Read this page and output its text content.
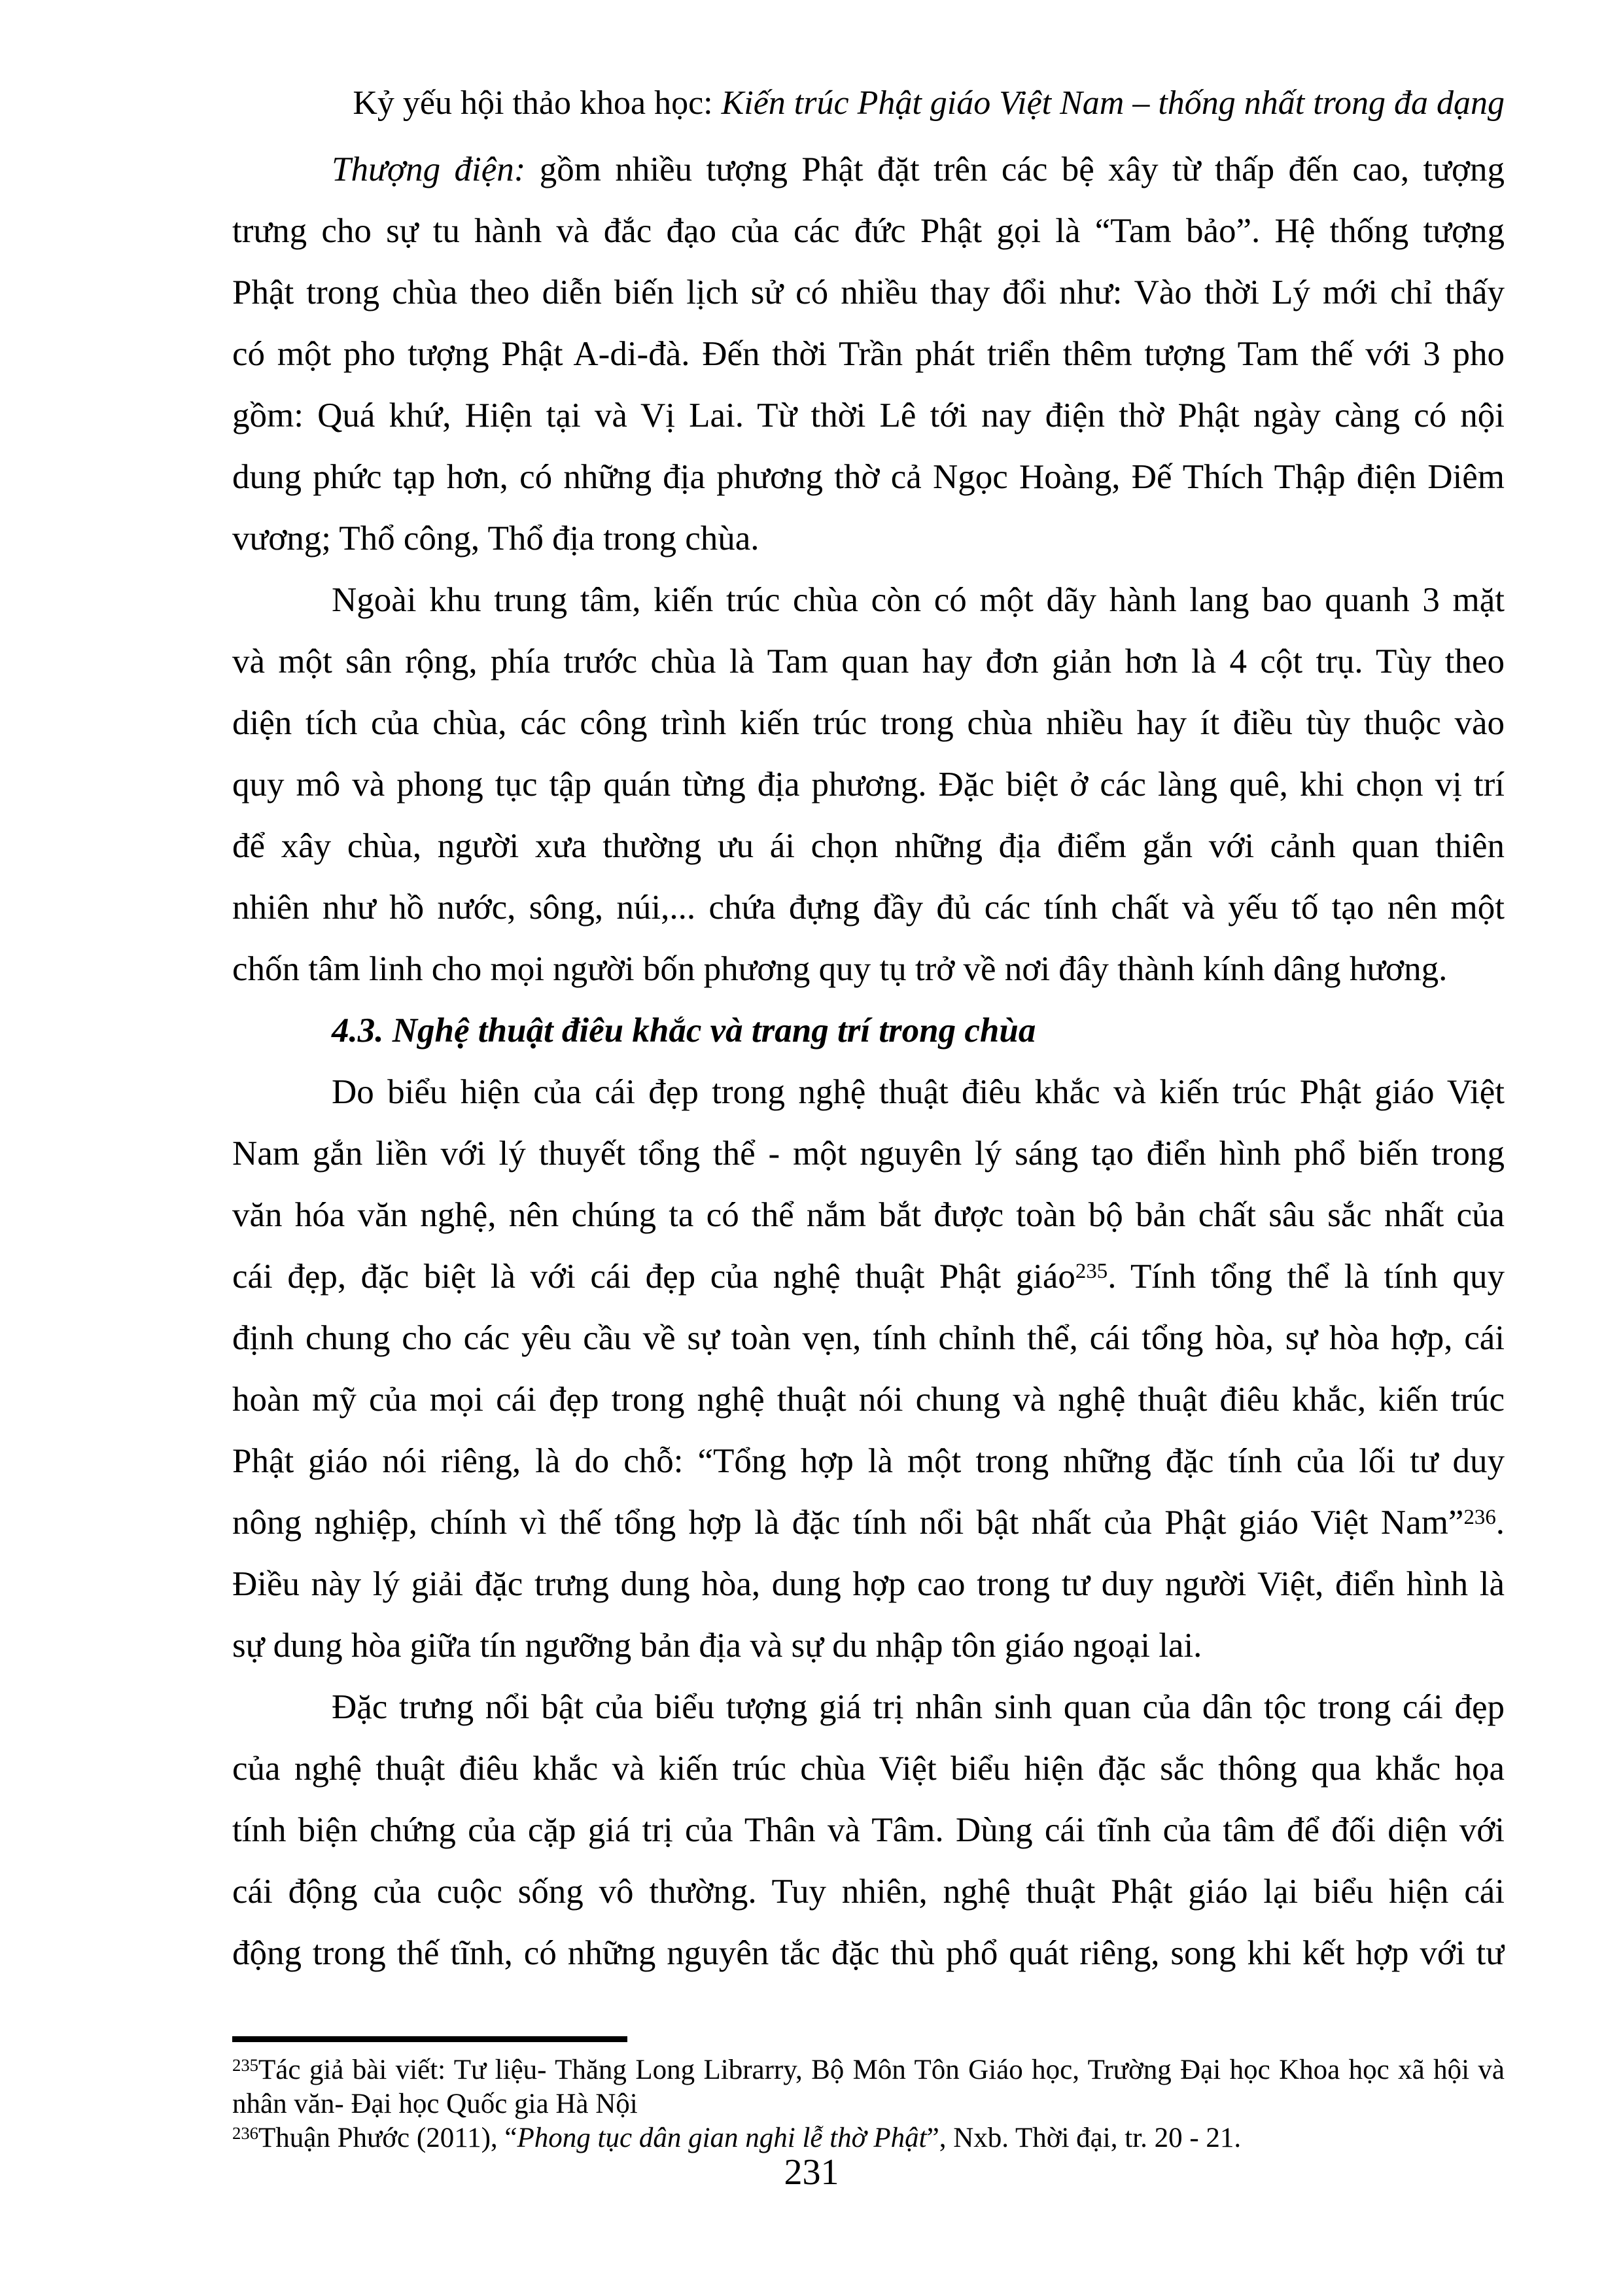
Kỷ yếu hội thảo khoa học: Kiến trúc Phật giáo Việt Nam – thống nhất trong đa dạng
Thượng điện: gồm nhiều tượng Phật đặt trên các bệ xây từ thấp đến cao, tượng
trưng cho sự tu hành và đắc đạo của các đức Phật gọi là “Tam bảo”. Hệ thống tượng
Phật trong chùa theo diễn biến lịch sử có nhiều thay đổi như: Vào thời Lý mới chỉ thấy
có một pho tượng Phật A-di-đà. Đến thời Trần phát triển thêm tượng Tam thế với 3 pho
gồm: Quá khứ, Hiện tại và Vị Lai. Từ thời Lê tới nay điện thờ Phật ngày càng có nội
dung phức tạp hơn, có những địa phương thờ cả Ngọc Hoàng, Đế Thích Thập điện Diêm
vương; Thổ công, Thổ địa trong chùa.
Ngoài khu trung tâm, kiến trúc chùa còn có một dãy hành lang bao quanh 3 mặt
và một sân rộng, phía trước chùa là Tam quan hay đơn giản hơn là 4 cột trụ. Tùy theo
diện tích của chùa, các công trình kiến trúc trong chùa nhiều hay ít điều tùy thuộc vào
quy mô và phong tục tập quán từng địa phương. Đặc biệt ở các làng quê, khi chọn vị trí
để xây chùa, người xưa thường ưu ái chọn những địa điểm gắn với cảnh quan thiên
nhiên như hồ nước, sông, núi,... chứa đựng đầy đủ các tính chất và yếu tố tạo nên một
chốn tâm linh cho mọi người bốn phương quy tụ trở về nơi đây thành kính dâng hương.
4.3. Nghệ thuật điêu khắc và trang trí trong chùa
Do biểu hiện của cái đẹp trong nghệ thuật điêu khắc và kiến trúc Phật giáo Việt
Nam gắn liền với lý thuyết tổng thể - một nguyên lý sáng tạo điển hình phổ biến trong
văn hóa văn nghệ, nên chúng ta có thể nắm bắt được toàn bộ bản chất sâu sắc nhất của
cái đẹp, đặc biệt là với cái đẹp của nghệ thuật Phật giáo$^{235}$. Tính tổng thể là tính quy
định chung cho các yêu cầu về sự toàn vẹn, tính chỉnh thể, cái tổng hòa, sự hòa hợp, cái
hoàn mỹ của mọi cái đẹp trong nghệ thuật nói chung và nghệ thuật điêu khắc, kiến trúc
Phật giáo nói riêng, là do chỗ: “Tổng hợp là một trong những đặc tính của lối tư duy
nông nghiệp, chính vì thế tổng hợp là đặc tính nổi bật nhất của Phật giáo Việt Nam”$^{236}$.
Điều này lý giải đặc trưng dung hòa, dung hợp cao trong tư duy người Việt, điển hình là
sự dung hòa giữa tín ngưỡng bản địa và sự du nhập tôn giáo ngoại lai.
Đặc trưng nổi bật của biểu tượng giá trị nhân sinh quan của dân tộc trong cái đẹp
của nghệ thuật điêu khắc và kiến trúc chùa Việt biểu hiện đặc sắc thông qua khắc họa
tính biện chứng của cặp giá trị của Thân và Tâm. Dùng cái tĩnh của tâm để đối diện với
cái động của cuộc sống vô thường. Tuy nhiên, nghệ thuật Phật giáo lại biểu hiện cái
động trong thế tĩnh, có những nguyên tắc đặc thù phổ quát riêng, song khi kết hợp với tư
$^{235}$Tác giả bài viết: Tư liệu- Thăng Long Librarry, Bộ Môn Tôn Giáo học, Trường Đại học Khoa học xã hội và
nhân văn- Đại học Quốc gia Hà Nội
$^{236}$Thuận Phước (2011), “Phong tục dân gian nghi lễ thờ Phật”, Nxb. Thời đại, tr. 20 - 21.
231
